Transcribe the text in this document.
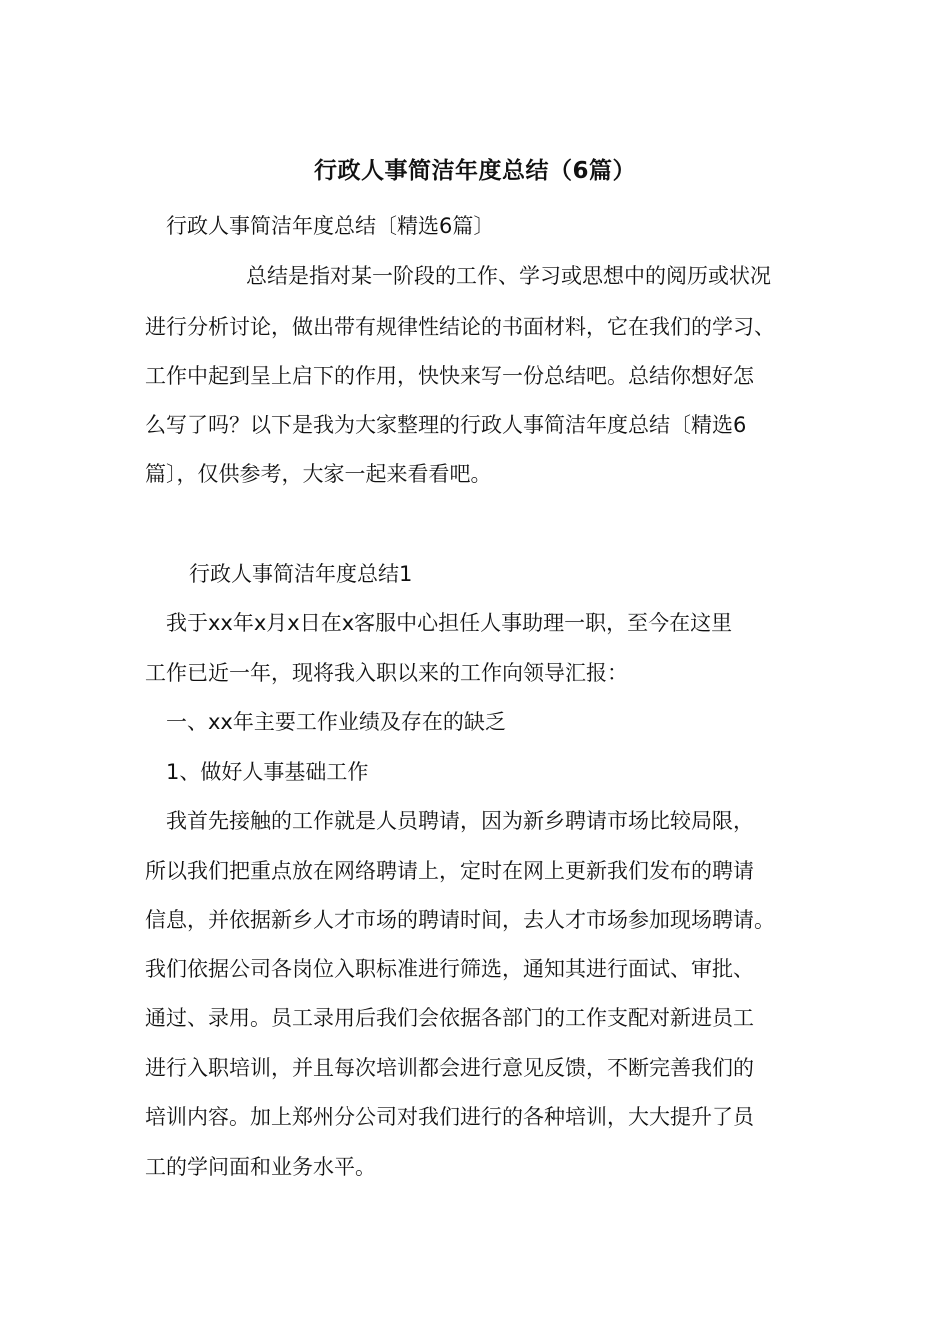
行政人事简洁年度总结（6篇）
行政人事简洁年度总结〔精选6篇〕
总结是指对某一阶段的工作、学习或思想中的阅历或状况
进行分析讨论，做出带有规律性结论的书面材料，它在我们的学习、
工作中起到呈上启下的作用，快快来写一份总结吧。总结你想好怎
么写了吗？以下是我为大家整理的行政人事简洁年度总结〔精选6
篇〕，仅供参考，大家一起来看看吧。
行政人事简洁年度总结1
我于xx年x月x日在x客服中心担任人事助理一职，至今在这里
工作已近一年，现将我入职以来的工作向领导汇报：
一、xx年主要工作业绩及存在的缺乏
1、做好人事基础工作
我首先接触的工作就是人员聘请，因为新乡聘请市场比较局限，
所以我们把重点放在网络聘请上，定时在网上更新我们发布的聘请
信息，并依据新乡人才市场的聘请时间，去人才市场参加现场聘请。
我们依据公司各岗位入职标准进行筛选，通知其进行面试、审批、
通过、录用。员工录用后我们会依据各部门的工作支配对新进员工
进行入职培训，并且每次培训都会进行意见反馈，不断完善我们的
培训内容。加上郑州分公司对我们进行的各种培训，大大提升了员
工的学问面和业务水平。
